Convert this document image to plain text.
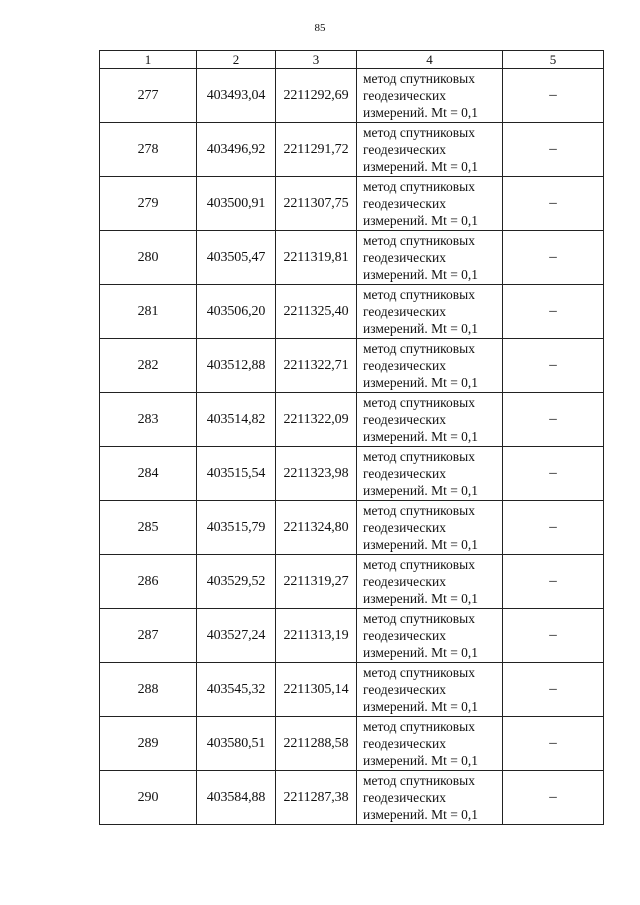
85
1	2	3	4	5
277	403493,04	2211292,69	метод спутниковых
геодезических
измерений. Mt = 0,1	–
278	403496,92	2211291,72	метод спутниковых
геодезических
измерений. Mt = 0,1	–
279	403500,91	2211307,75	метод спутниковых
геодезических
измерений. Mt = 0,1	–
280	403505,47	2211319,81	метод спутниковых
геодезических
измерений. Mt = 0,1	–
281	403506,20	2211325,40	метод спутниковых
геодезических
измерений. Mt = 0,1	–
282	403512,88	2211322,71	метод спутниковых
геодезических
измерений. Mt = 0,1	–
283	403514,82	2211322,09	метод спутниковых
геодезических
измерений. Mt = 0,1	–
284	403515,54	2211323,98	метод спутниковых
геодезических
измерений. Mt = 0,1	–
285	403515,79	2211324,80	метод спутниковых
геодезических
измерений. Mt = 0,1	–
286	403529,52	2211319,27	метод спутниковых
геодезических
измерений. Mt = 0,1	–
287	403527,24	2211313,19	метод спутниковых
геодезических
измерений. Mt = 0,1	–
288	403545,32	2211305,14	метод спутниковых
геодезических
измерений. Mt = 0,1	–
289	403580,51	2211288,58	метод спутниковых
геодезических
измерений. Mt = 0,1	–
290	403584,88	2211287,38	метод спутниковых
геодезических
измерений. Mt = 0,1	–
